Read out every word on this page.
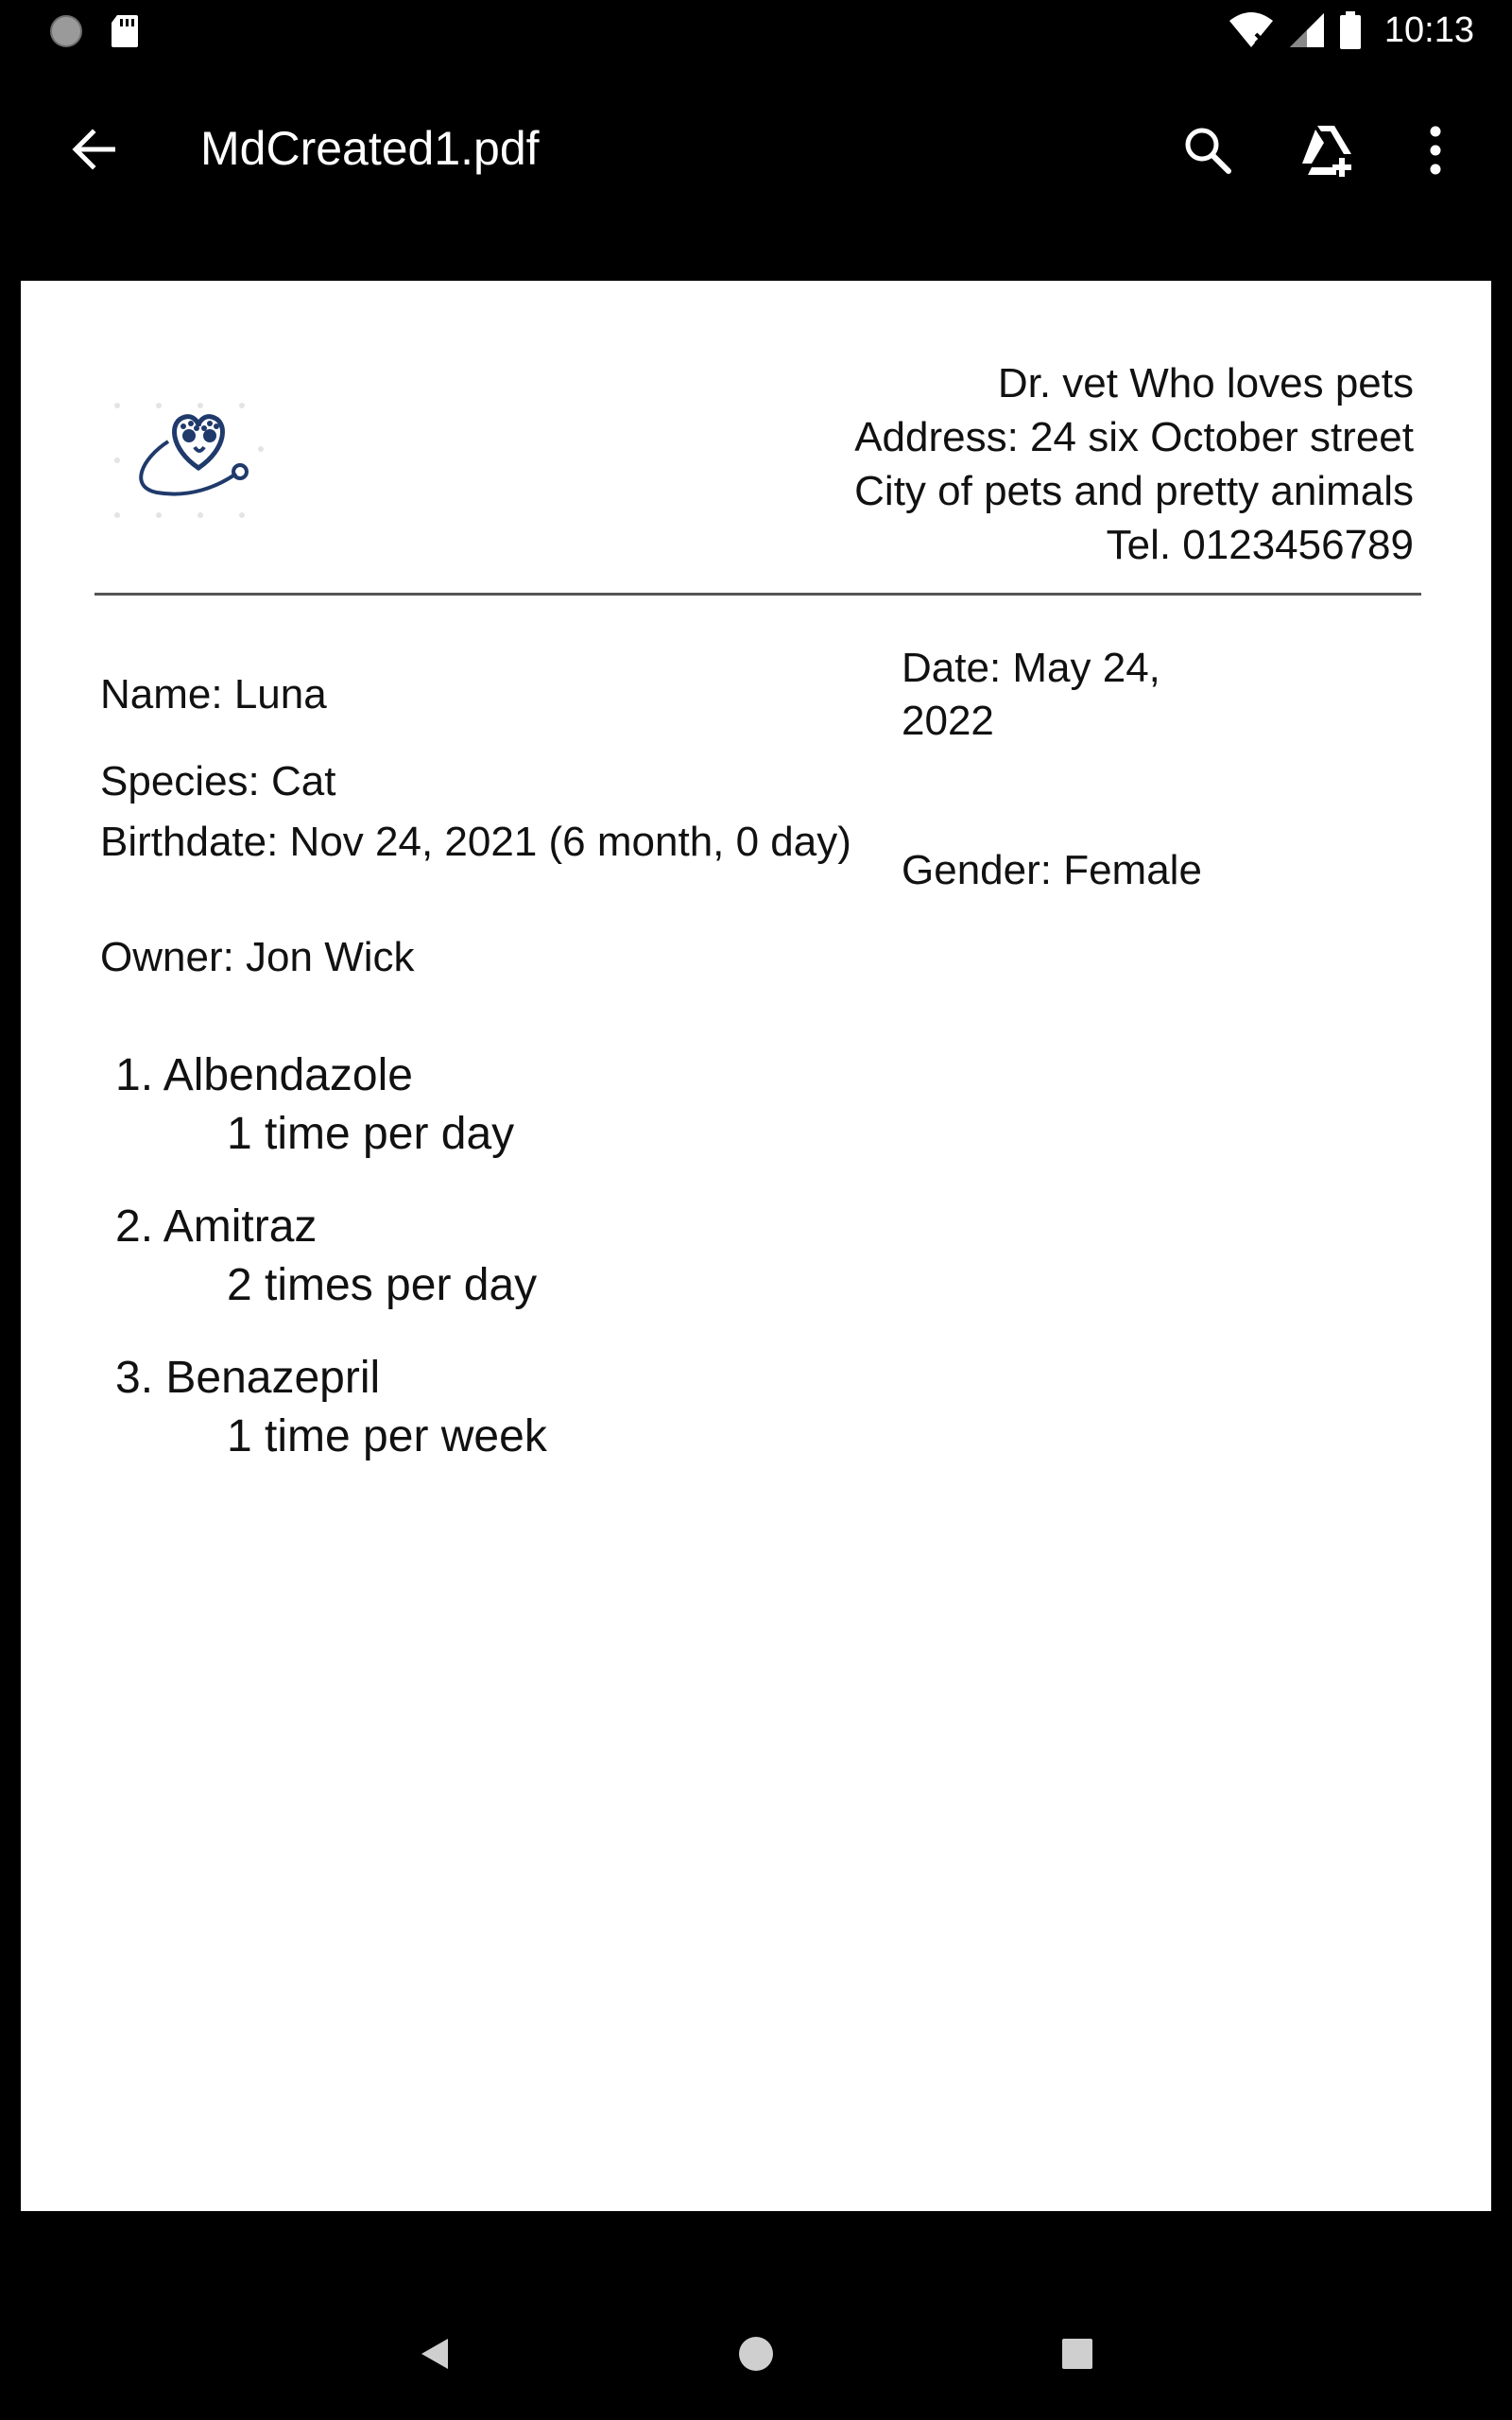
10:13
MdCreated1.pdf
Dr. vet Who loves pets
Address: 24 six October street
City of pets and pretty animals
Tel. 0123456789
Name: Luna
Date: May 24, 2022
Species: Cat
Birthdate: Nov 24, 2021 (6 month, 0 day)
Gender: Female
Owner: Jon Wick
1. Albendazole
1 time per day
2. Amitraz
2 times per day
3. Benazepril
1 time per week
